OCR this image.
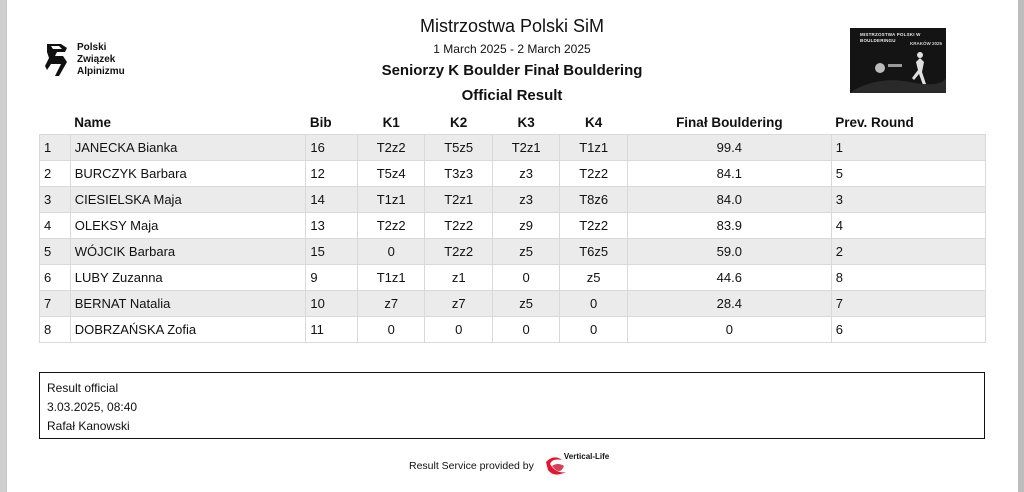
Polski
Związek
Alpinizmu
Mistrzostwa Polski SiM
1 March 2025 - 2 March 2025
Seniorzy K Boulder Finał Bouldering
Official Result
MISTRZOSTWA POLSKI W BOULDERINGU
KRAKÓW 2025
	Name	Bib	K1	K2	K3	K4	Finał Bouldering	Prev. Round
1	JANECKA Bianka	16	T2z2	T5z5	T2z1	T1z1	99.4	1
2	BURCZYK Barbara	12	T5z4	T3z3	z3	T2z2	84.1	5
3	CIESIELSKA Maja	14	T1z1	T2z1	z3	T8z6	84.0	3
4	OLEKSY Maja	13	T2z2	T2z2	z9	T2z2	83.9	4
5	WÓJCIK Barbara	15	0	T2z2	z5	T6z5	59.0	2
6	LUBY Zuzanna	9	T1z1	z1	0	z5	44.6	8
7	BERNAT Natalia	10	z7	z7	z5	0	28.4	7
8	DOBRZAŃSKA Zofia	11	0	0	0	0	0	6
Result official
3.03.2025, 08:40
Rafał Kanowski
Result Service provided by
Vertical-Life
